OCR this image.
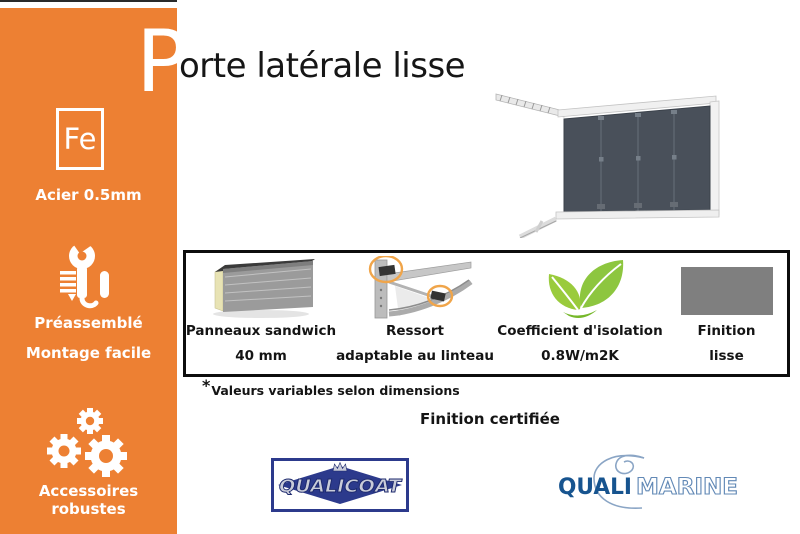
Fe

Acier 0.5mm

Préassemblé

Montage facile

Accessoires robustes

P
orte latérale lisse
Panneaux sandwich
40 mm
Ressort
adaptable au linteau
Coefficient d'isolation
0.8W/m2K
Finition
lisse

*Valeurs variables selon dimensions

Finition certifiée

QUALICOAT	QUALI MARINE
